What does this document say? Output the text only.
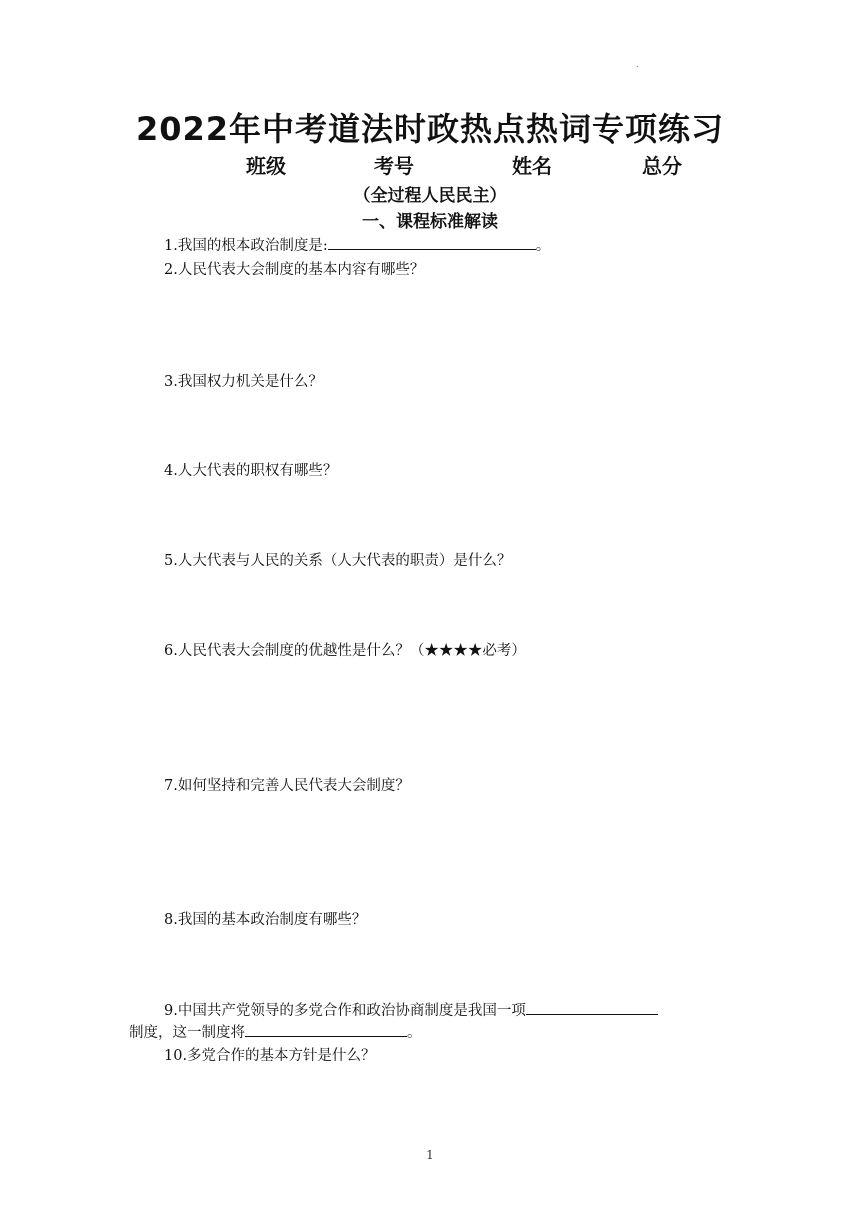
.
2022年中考道法时政热点热词专项练习
班级	考号	姓名	总分
（全过程人民民主）
一、课程标准解读
1.我国的根本政治制度是:	。
2.人民代表大会制度的基本内容有哪些？
3.我国权力机关是什么？
4.人大代表的职权有哪些？
5.人大代表与人民的关系（人大代表的职责）是什么？
6.人民代表大会制度的优越性是什么？（★★★★必考）
7.如何坚持和完善人民代表大会制度？
8.我国的基本政治制度有哪些？
9.中国共产党领导的多党合作和政治协商制度是我国一项
制度，这一制度将	。
10.多党合作的基本方针是什么？
1
